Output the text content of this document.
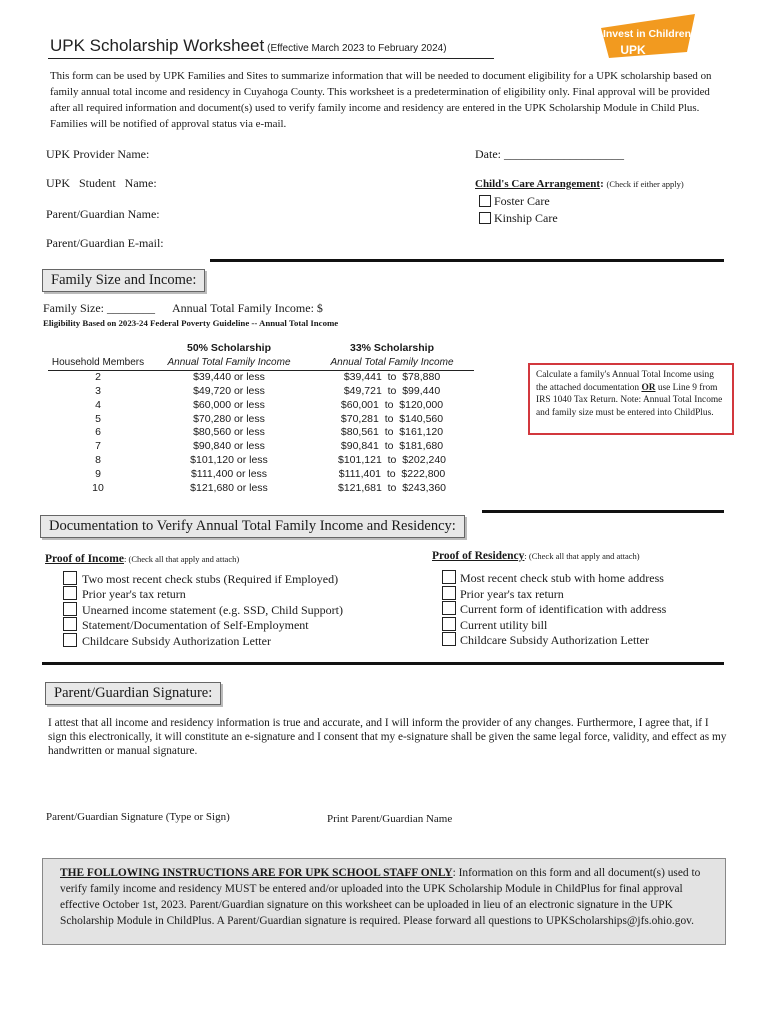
UPK Scholarship Worksheet (Effective March 2023 to February 2024)
Invest in Children
UPK
This form can be used by UPK Families and Sites to summarize information that will be needed to document eligibility for a UPK scholarship based on family annual total income and residency in Cuyahoga County. This worksheet is a predetermination of eligibility only. Final approval will be provided after all required information and document(s) used to verify family income and residency are entered in the UPK Scholarship Module in Child Plus. Families will be notified of approval status via e-mail.
UPK Provider Name:	Date: ____________________
UPK   Student   Name:
Parent/Guardian Name:
Parent/Guardian E-mail:
Child's Care Arrangement: (Check if either apply)
Foster Care
Kinship Care
Family Size and Income:
Family Size: ________ Annual Total Family Income: $
Eligibility Based on 2023-24 Federal Poverty Guideline -- Annual Total Income
	50% Scholarship	33% Scholarship
Household Members	Annual Total Family Income	Annual Total Family Income
2	$39,440 or less	$39,441  to  $78,880
3	$49,720 or less	$49,721  to  $99,440
4	$60,000 or less	$60,001  to  $120,000
5	$70,280 or less	$70,281  to  $140,560
6	$80,560 or less	$80,561  to  $161,120
7	$90,840 or less	$90,841  to  $181,680
8	$101,120 or less	$101,121  to  $202,240
9	$111,400 or less	$111,401  to  $222,800
10	$121,680 or less	$121,681  to  $243,360
Calculate a family's Annual Total Income using the attached documentation OR use Line 9 from IRS 1040 Tax Return. Note: Annual Total Income and family size must be entered into ChildPlus.
Documentation to Verify Annual Total Family Income and Residency:
Proof of Income: (Check all that apply and attach)	Proof of Residency: (Check all that apply and attach)
Two most recent check stubs (Required if Employed)
Prior year's tax return
Unearned income statement (e.g. SSD, Child Support)
Statement/Documentation of Self-Employment
Childcare Subsidy Authorization Letter
Most recent check stub with home address
Prior year's tax return
Current form of identification with address
Current utility bill
Childcare Subsidy Authorization Letter
Parent/Guardian Signature:
I attest that all income and residency information is true and accurate, and I will inform the provider of any changes. Furthermore, I agree that, if I sign this electronically, it will constitute an e-signature and I consent that my e-signature shall be given the same legal force, validity, and effect as my handwritten or manual signature.
Parent/Guardian Signature (Type or Sign)	Print Parent/Guardian Name
THE FOLLOWING INSTRUCTIONS ARE FOR UPK SCHOOL STAFF ONLY: Information on this form and all document(s) used to verify family income and residency MUST be entered and/or uploaded into the UPK Scholarship Module in ChildPlus for final approval effective October 1st, 2023. Parent/Guardian signature on this worksheet can be uploaded in lieu of an electronic signature in the UPK Scholarship Module in ChildPlus. A Parent/Guardian signature is required. Please forward all questions to UPKScholarships@jfs.ohio.gov.
